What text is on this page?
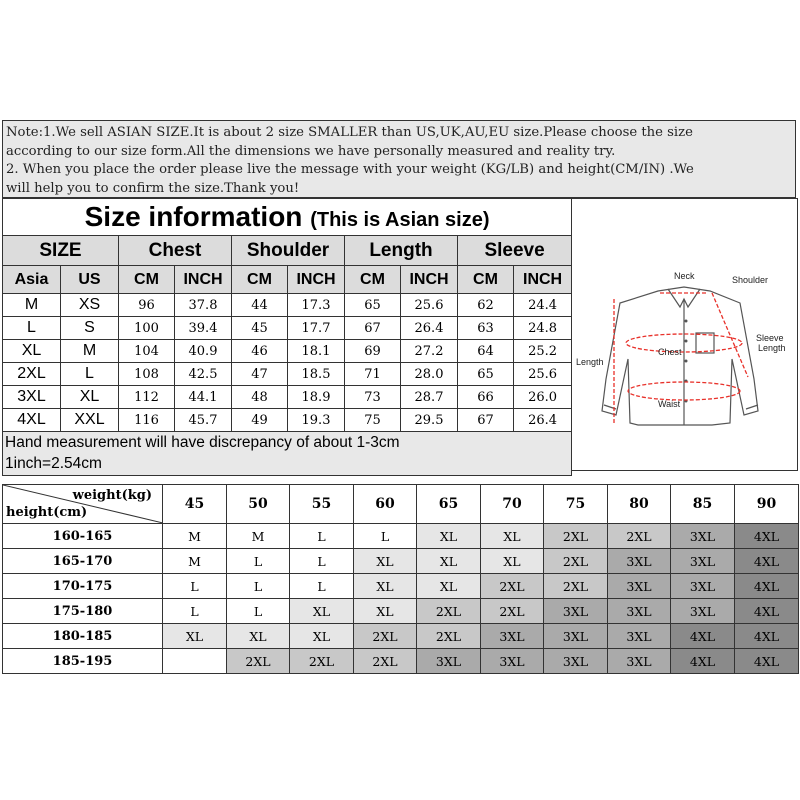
Note:1.We sell ASIAN SIZE.It is about 2 size SMALLER than US,UK,AU,EU size.Please choose the size
according to our size form.All the dimensions we have personally measured and reality try.
2. When you place the order please live the message with your weight (KG/LB) and height(CM/IN) .We
will help you to confirm the size.Thank you!
Size information (This is Asian size)									
SIZE		Chest		Shoulder		Length		Sleeve	
Asia	US	CM	INCH	CM	INCH	CM	INCH	CM	INCH
M	XS	96	37.8	44	17.3	65	25.6	62	24.4
L	S	100	39.4	45	17.7	67	26.4	63	24.8
XL	M	104	40.9	46	18.1	69	27.2	64	25.2
2XL	L	108	42.5	47	18.5	71	28.0	65	25.6
3XL	XL	112	44.1	48	18.9	73	28.7	66	26.0
4XL	XXL	116	45.7	49	19.3	75	29.5	67	26.4
Hand measurement will have discrepancy of about 1-3cm									
1inch=2.54cm									
Neck	Shoulder
Sleeve
Length
Length
Chest
Waist
weight(kg)
height(cm)	45	50	55	60	65	70	75	80	85	90
160-165	M	M	L	L	XL	XL	2XL	2XL	3XL	4XL
165-170	M	L	L	XL	XL	XL	2XL	3XL	3XL	4XL
170-175	L	L	L	XL	XL	2XL	2XL	3XL	3XL	4XL
175-180	L	L	XL	XL	2XL	2XL	3XL	3XL	3XL	4XL
180-185	XL	XL	XL	2XL	2XL	3XL	3XL	3XL	4XL	4XL
185-195		2XL	2XL	2XL	3XL	3XL	3XL	3XL	4XL	4XL
